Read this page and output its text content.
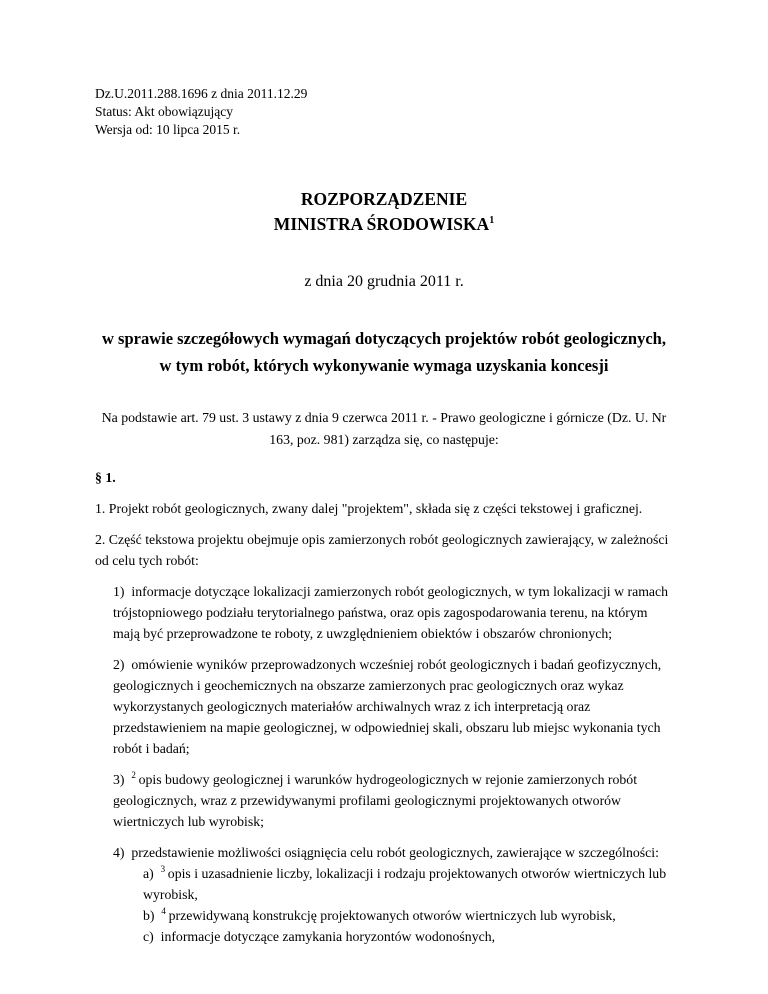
Dz.U.2011.288.1696 z dnia 2011.12.29
Status: Akt obowiązujący
Wersja od: 10 lipca 2015 r.
ROZPORZĄDZENIE
MINISTRA ŚRODOWISKA$^1$
z dnia 20 grudnia 2011 r.
w sprawie szczegółowych wymagań dotyczących projektów robót geologicznych, w tym robót, których wykonywanie wymaga uzyskania koncesji
Na podstawie art. 79 ust. 3 ustawy z dnia 9 czerwca 2011 r. - Prawo geologiczne i górnicze (Dz. U. Nr 163, poz. 981) zarządza się, co następuje:
§ 1.

1. Projekt robót geologicznych, zwany dalej "projektem", składa się z części tekstowej i graficznej.

2. Część tekstowa projektu obejmuje opis zamierzonych robót geologicznych zawierający, w zależności od celu tych robót:

1) informacje dotyczące lokalizacji zamierzonych robót geologicznych, w tym lokalizacji w ramach trójstopniowego podziału terytorialnego państwa, oraz opis zagospodarowania terenu, na którym mają być przeprowadzone te roboty, z uwzględnieniem obiektów i obszarów chronionych;
2) omówienie wyników przeprowadzonych wcześniej robót geologicznych i badań geofizycznych, geologicznych i geochemicznych na obszarze zamierzonych prac geologicznych oraz wykaz wykorzystanych geologicznych materiałów archiwalnych wraz z ich interpretacją oraz przedstawieniem na mapie geologicznej, w odpowiedniej skali, obszaru lub miejsc wykonania tych robót i badań;
3) $^2$ opis budowy geologicznej i warunków hydrogeologicznych w rejonie zamierzonych robót geologicznych, wraz z przewidywanymi profilami geologicznymi projektowanych otworów wiertniczych lub wyrobisk;
4) przedstawienie możliwości osiągnięcia celu robót geologicznych, zawierające w szczególności:
a) $^3$ opis i uzasadnienie liczby, lokalizacji i rodzaju projektowanych otworów wiertniczych lub wyrobisk,
b) $^4$ przewidywaną konstrukcję projektowanych otworów wiertniczych lub wyrobisk,
c) informacje dotyczące zamykania horyzontów wodonośnych,
